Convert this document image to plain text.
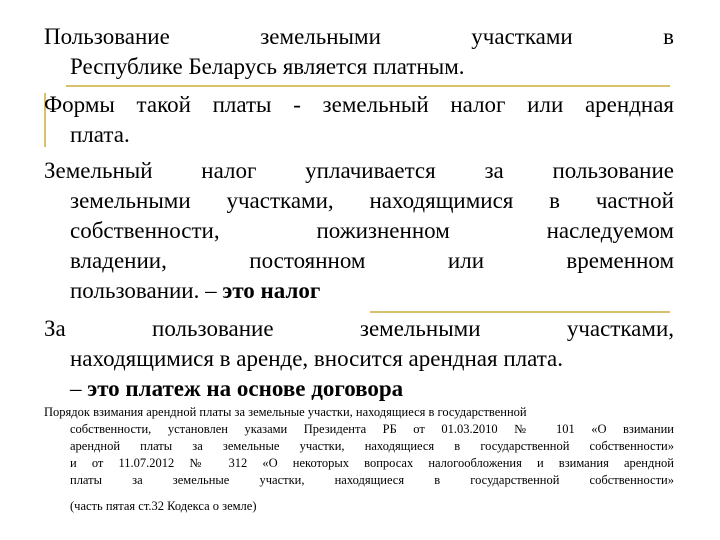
Пользование земельными участками в
Республике Беларусь является платным.
Формы такой платы - земельный налог или арендная
плата.
Земельный налог уплачивается за пользование
земельными участками, находящимися в частной
собственности, пожизненном наследуемом
владении, постоянном или временном
пользовании. – это налог
За пользование земельными участками,
находящимися в аренде, вносится арендная плата.
– это платеж на основе договора
Порядок взимания арендной платы за земельные участки, находящиеся в государственной
собственности, установлен указами Президента РБ от 01.03.2010 № 101 «О взимании
арендной платы за земельные участки, находящиеся в государственной собственности»
и от 11.07.2012 № 312 «О некоторых вопросах налогообложения и взимания арендной
платы за земельные участки, находящиеся в государственной собственности»
(часть пятая ст.32 Кодекса о земле)
